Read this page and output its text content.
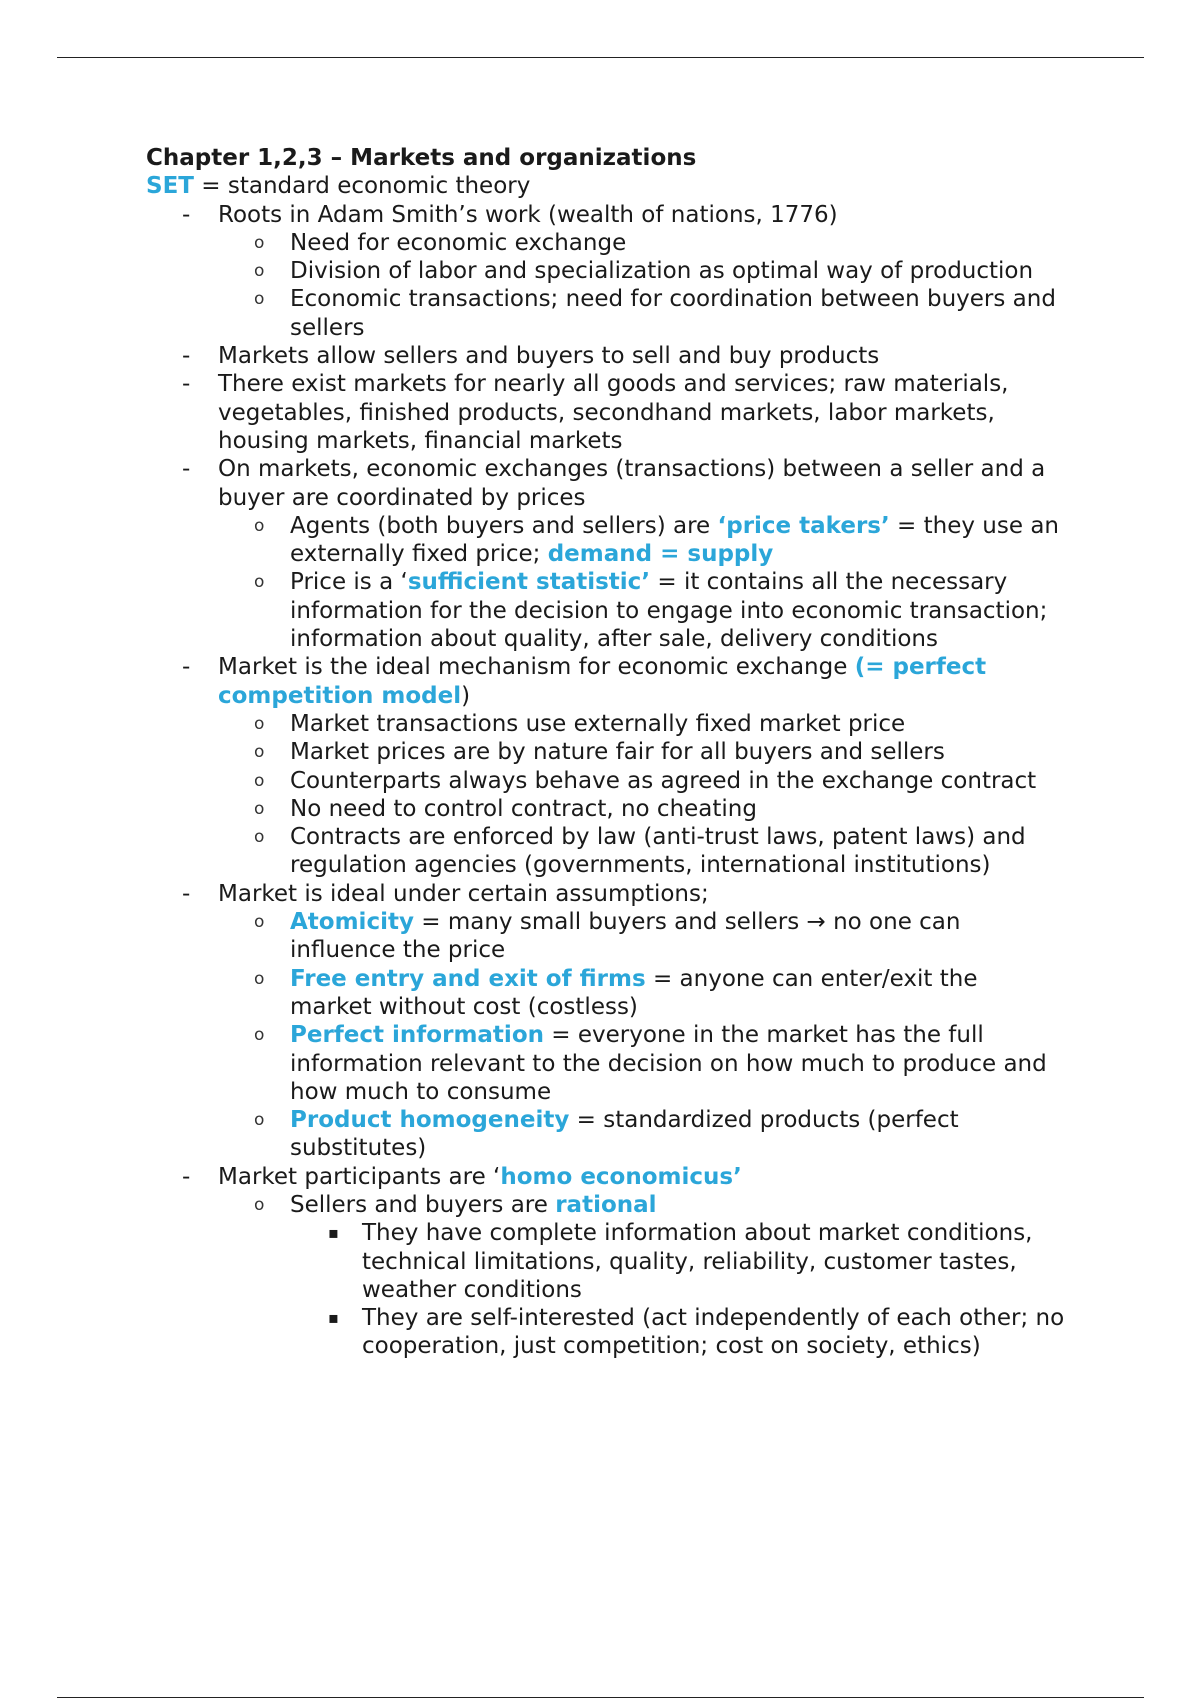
Chapter 1,2,3 – Markets and organizations

SET = standard economic theory

- Roots in Adam Smith’s work (wealth of nations, 1776)
o Need for economic exchange
o Division of labor and specialization as optimal way of production
o Economic transactions; need for coordination between buyers and sellers
- Markets allow sellers and buyers to sell and buy products
- There exist markets for nearly all goods and services; raw materials, vegetables, finished products, secondhand markets, labor markets, housing markets, financial markets
- On markets, economic exchanges (transactions) between a seller and a buyer are coordinated by prices
o Agents (both buyers and sellers) are ‘price takers’ = they use an externally fixed price; demand = supply
o Price is a ‘sufficient statistic’ = it contains all the necessary information for the decision to engage into economic transaction; information about quality, after sale, delivery conditions
- Market is the ideal mechanism for economic exchange (= perfect competition model)
o Market transactions use externally fixed market price
o Market prices are by nature fair for all buyers and sellers
o Counterparts always behave as agreed in the exchange contract
o No need to control contract, no cheating
o Contracts are enforced by law (anti-trust laws, patent laws) and regulation agencies (governments, international institutions)
- Market is ideal under certain assumptions;
o Atomicity = many small buyers and sellers → no one can influence the price
o Free entry and exit of firms = anyone can enter/exit the market without cost (costless)
o Perfect information = everyone in the market has the full information relevant to the decision on how much to produce and how much to consume
o Product homogeneity = standardized products (perfect substitutes)
- Market participants are ‘homo economicus’
o Sellers and buyers are rational
▪ They have complete information about market conditions, technical limitations, quality, reliability, customer tastes, weather conditions
▪ They are self-interested (act independently of each other; no cooperation, just competition; cost on society, ethics)
